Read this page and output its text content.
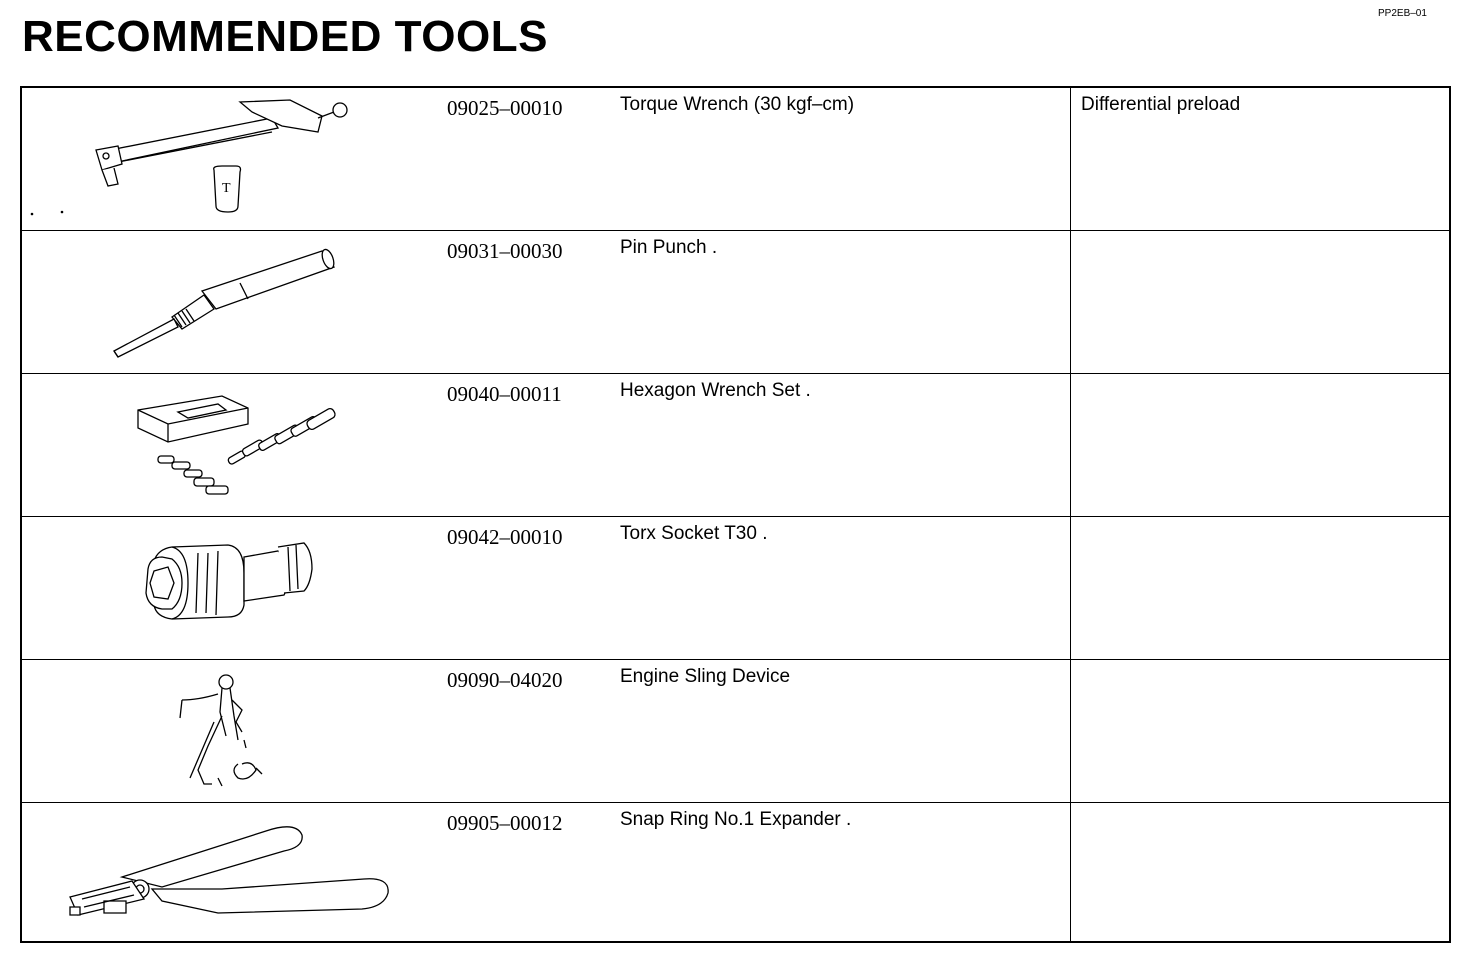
PP2EB–01
RECOMMENDED TOOLS
T
09025–00010	Torque Wrench (30 kgf–cm)	Differential preload
09031–00030	Pin Punch .
09040–00011	Hexagon Wrench Set .
09042–00010	Torx Socket T30 .
09090–04020	Engine Sling Device
09905–00012	Snap Ring No.1 Expander .
